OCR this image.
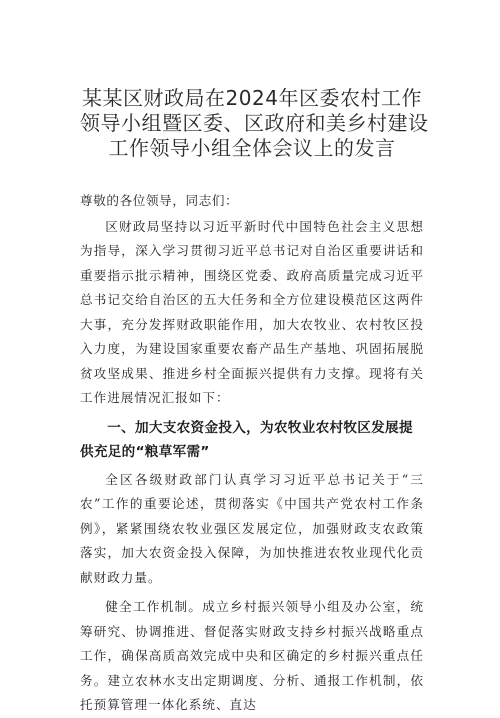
某某区财政局在2024年区委农村工作
领导小组暨区委、区政府和美乡村建设
工作领导小组全体会议上的发言

尊敬的各位领导，同志们：

区财政局坚持以习近平新时代中国特色社会主义思想为指导，深入学习贯彻习近平总书记对自治区重要讲话和重要指示批示精神，围绕区党委、政府高质量完成习近平总书记交给自治区的五大任务和全方位建设模范区这两件大事，充分发挥财政职能作用，加大农牧业、农村牧区投入力度，为建设国家重要农畜产品生产基地、巩固拓展脱贫攻坚成果、推进乡村全面振兴提供有力支撑。现将有关工作进展情况汇报如下：

一、加大支农资金投入，为农牧业农村牧区发展提供充足的“粮草军需”

全区各级财政部门认真学习习近平总书记关于“三农”工作的重要论述，贯彻落实《中国共产党农村工作条例》，紧紧围绕农牧业强区发展定位，加强财政支农政策落实，加大农资金投入保障，为加快推进农牧业现代化贡献财政力量。

健全工作机制。成立乡村振兴领导小组及办公室，统筹研究、协调推进、督促落实财政支持乡村振兴战略重点工作，确保高质高效完成中央和区确定的乡村振兴重点任务。建立农林水支出定期调度、分析、通报工作机制，依托预算管理一体化系统、直达
